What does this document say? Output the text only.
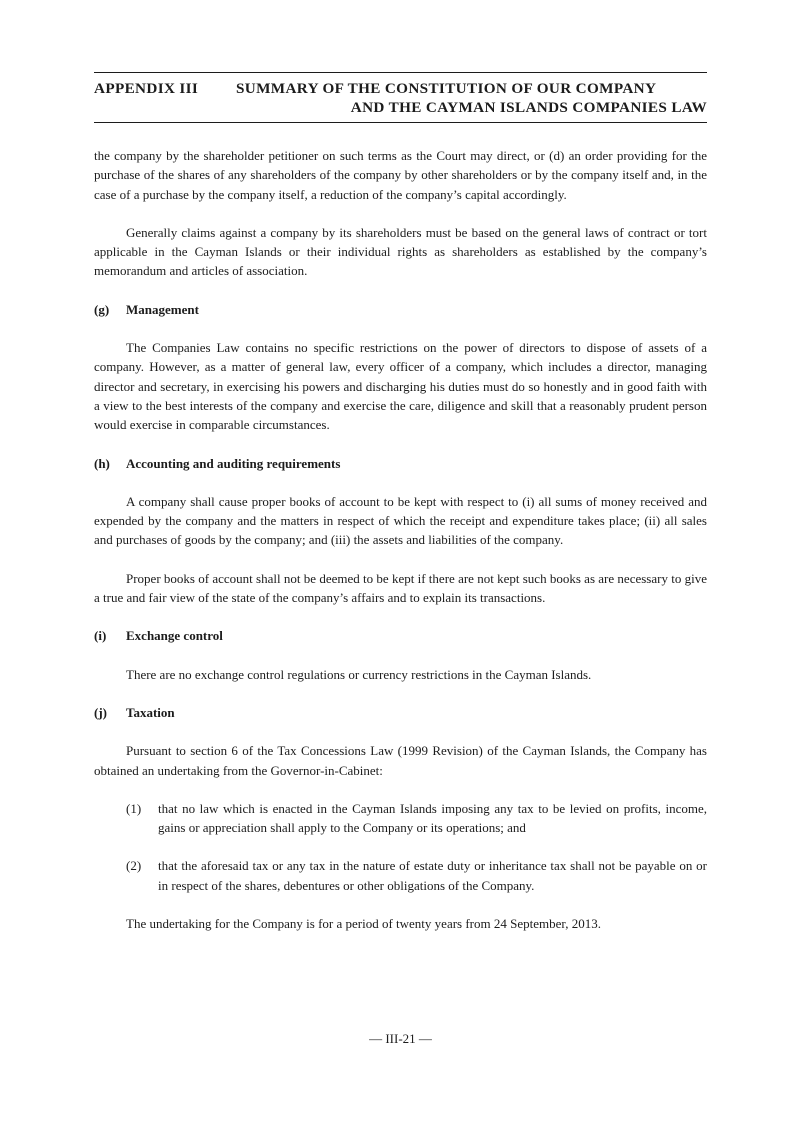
APPENDIX III SUMMARY OF THE CONSTITUTION OF OUR COMPANY
AND THE CAYMAN ISLANDS COMPANIES LAW

the company by the shareholder petitioner on such terms as the Court may direct, or (d) an order providing for the purchase of the shares of any shareholders of the company by other shareholders or by the company itself and, in the case of a purchase by the company itself, a reduction of the company’s capital accordingly.

Generally claims against a company by its shareholders must be based on the general laws of contract or tort applicable in the Cayman Islands or their individual rights as shareholders as established by the company’s memorandum and articles of association.

(g)	Management

The Companies Law contains no specific restrictions on the power of directors to dispose of assets of a company. However, as a matter of general law, every officer of a company, which includes a director, managing director and secretary, in exercising his powers and discharging his duties must do so honestly and in good faith with a view to the best interests of the company and exercise the care, diligence and skill that a reasonably prudent person would exercise in comparable circumstances.

(h)	Accounting and auditing requirements

A company shall cause proper books of account to be kept with respect to (i) all sums of money received and expended by the company and the matters in respect of which the receipt and expenditure takes place; (ii) all sales and purchases of goods by the company; and (iii) the assets and liabilities of the company.

Proper books of account shall not be deemed to be kept if there are not kept such books as are necessary to give a true and fair view of the state of the company’s affairs and to explain its transactions.

(i)	Exchange control

There are no exchange control regulations or currency restrictions in the Cayman Islands.

(j)	Taxation

Pursuant to section 6 of the Tax Concessions Law (1999 Revision) of the Cayman Islands, the Company has obtained an undertaking from the Governor-in-Cabinet:

(1)	that no law which is enacted in the Cayman Islands imposing any tax to be levied on profits, income, gains or appreciation shall apply to the Company or its operations; and
(2)	that the aforesaid tax or any tax in the nature of estate duty or inheritance tax shall not be payable on or in respect of the shares, debentures or other obligations of the Company.

The undertaking for the Company is for a period of twenty years from 24 September, 2013.

— III-21 —
